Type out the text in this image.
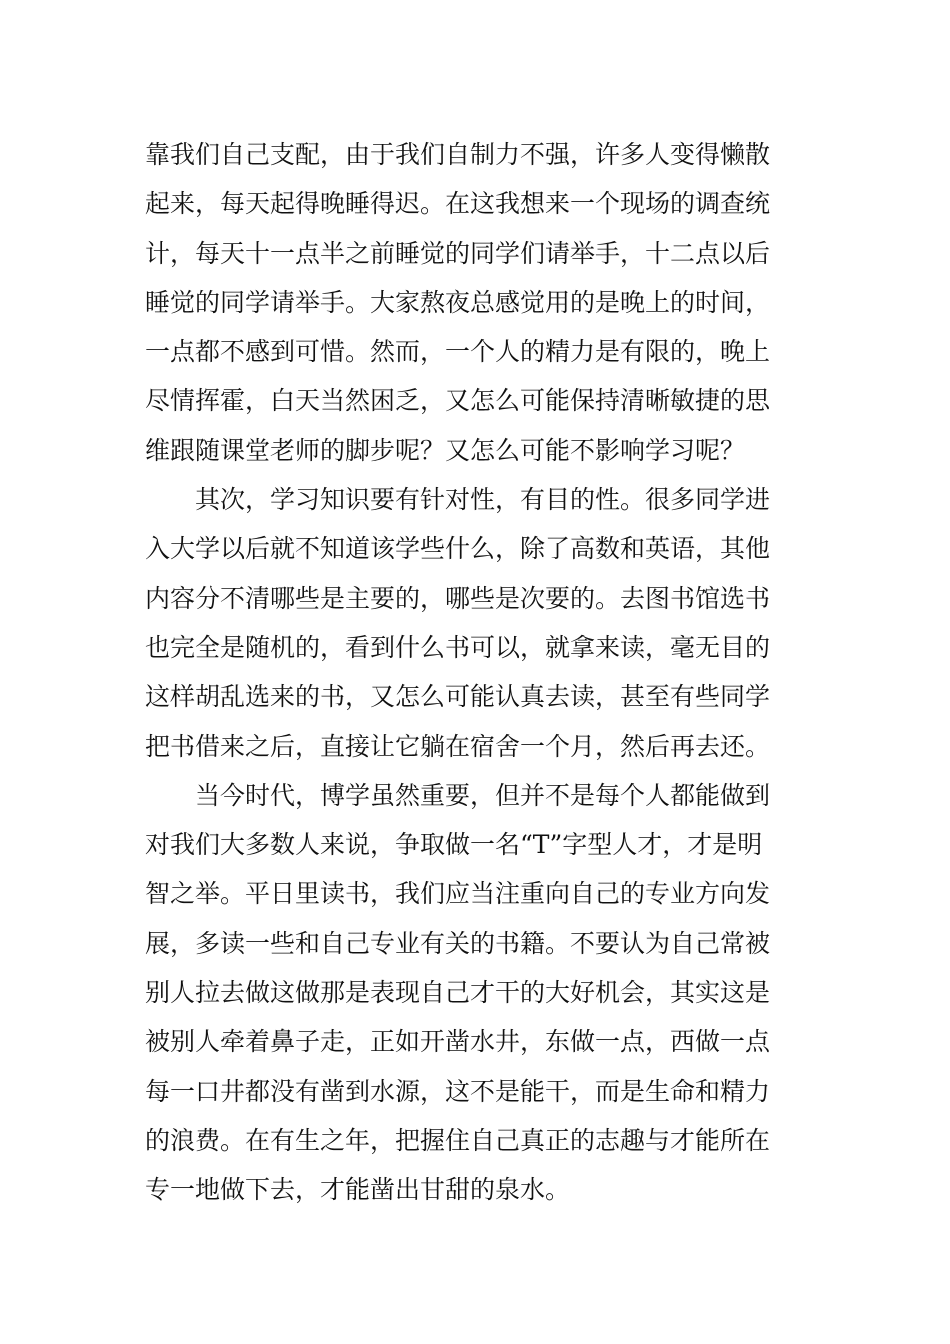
靠我们自己支配，由于我们自制力不强，许多人变得懒散
起来，每天起得晚睡得迟。在这我想来一个现场的调查统
计，每天十一点半之前睡觉的同学们请举手，十二点以后
睡觉的同学请举手。大家熬夜总感觉用的是晚上的时间，
一点都不感到可惜。然而，一个人的精力是有限的，晚上
尽情挥霍，白天当然困乏，又怎么可能保持清晰敏捷的思
维跟随课堂老师的脚步呢？又怎么可能不影响学习呢？
其次，学习知识要有针对性，有目的性。很多同学进
入大学以后就不知道该学些什么，除了高数和英语，其他
内容分不清哪些是主要的，哪些是次要的。去图书馆选书
也完全是随机的，看到什么书可以，就拿来读，毫无目的
这样胡乱选来的书，又怎么可能认真去读，甚至有些同学
把书借来之后，直接让它躺在宿舍一个月，然后再去还。
当今时代，博学虽然重要，但并不是每个人都能做到
对我们大多数人来说，争取做一名“T”字型人才，才是明
智之举。平日里读书，我们应当注重向自己的专业方向发
展，多读一些和自己专业有关的书籍。不要认为自己常被
别人拉去做这做那是表现自己才干的大好机会，其实这是
被别人牵着鼻子走，正如开凿水井，东做一点，西做一点
每一口井都没有凿到水源，这不是能干，而是生命和精力
的浪费。在有生之年，把握住自己真正的志趣与才能所在
专一地做下去，才能凿出甘甜的泉水。
